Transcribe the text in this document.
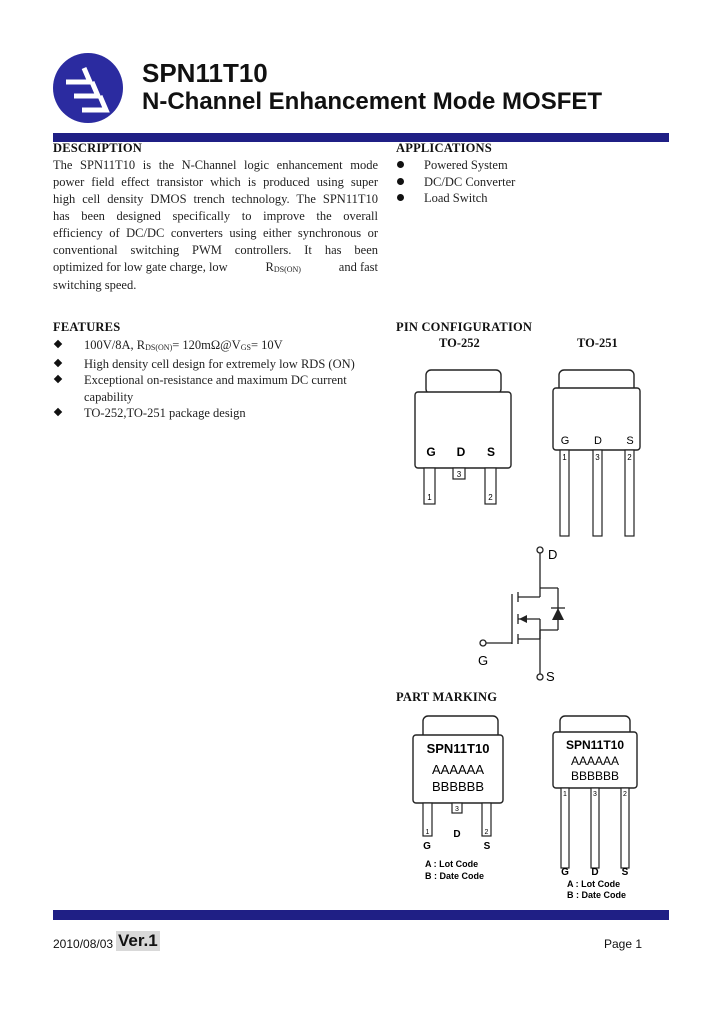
SPN11T10
N-Channel Enhancement Mode MOSFET
DESCRIPTION
The SPN11T10 is the N-Channel logic enhancement mode
power field effect transistor which is produced using super
high cell density DMOS trench technology. The SPN11T10
has been designed specifically to improve the overall
efficiency of DC/DC converters using either synchronous or
conventional switching PWM controllers. It has been
optimized for low gate charge, low	$R_{DS(ON)}$	and fast
switching speed.
APPLICATIONS
Powered System
DC/DC Converter
Load Switch
FEATURES
100V/8A, $R_{DS(ON)}=$ $120m\Omega@V_{GS}= 10V$
High density cell design for extremely low RDS (ON)
Exceptional on-resistance and maximum DC current
capability
TO-252,TO-251 package design
PIN CONFIGURATION
TO-252	TO-251
G D S
3
1	2
G D S
1	3	2
D
G
S
PART MARKING
SPN11T10
AAAAAA
BBBBBB
3
1	2
G
D
S
A : Lot Code
B : Date Code
SPN11T10
AAAAAA
BBBBBB
1	3	2
G D S
A : Lot Code
B : Date Code
2010/08/03 Ver.1	Page 1
